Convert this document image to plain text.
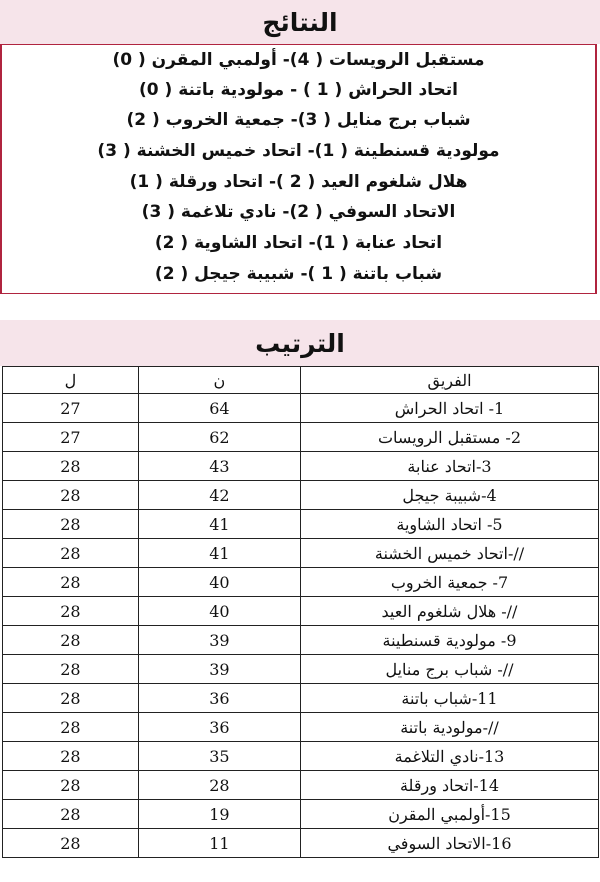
النتائج
مستقبل الرويسات ( 4)- أولمبي المقرن ( 0)
اتحاد الحراش ( 1 ) - مولودية باتنة ( 0)
شباب برج منايل ( 3)- جمعية الخروب ( 2)
مولودية قسنطينة ( 1)- اتحاد خميس الخشنة ( 3)
هلال شلغوم العيد ( 2 )- اتحاد ورقلة ( 1)
الاتحاد السوفي ( 2)- نادي تلاغمة ( 3)
اتحاد عنابة ( 1)- اتحاد الشاوية ( 2)
شباب باتنة ( 1 )- شبيبة جيجل ( 2)
الترتيب
الفريق	ن	ل
1- اتحاد الحراش	64	27
2- مستقبل الرويسات	62	27
3-اتحاد عنابة	43	28
4-شبيبة جيجل	42	28
5- اتحاد الشاوية	41	28
//-اتحاد خميس الخشنة	41	28
7- جمعية الخروب	40	28
//- هلال شلغوم العيد	40	28
9- مولودية قسنطينة	39	28
//- شباب برج منايل	39	28
11-شباب باتنة	36	28
//-مولودية باتنة	36	28
13-نادي التلاغمة	35	28
14-اتحاد ورقلة	28	28
15-أولمبي المقرن	19	28
16-الاتحاد السوفي	11	28
